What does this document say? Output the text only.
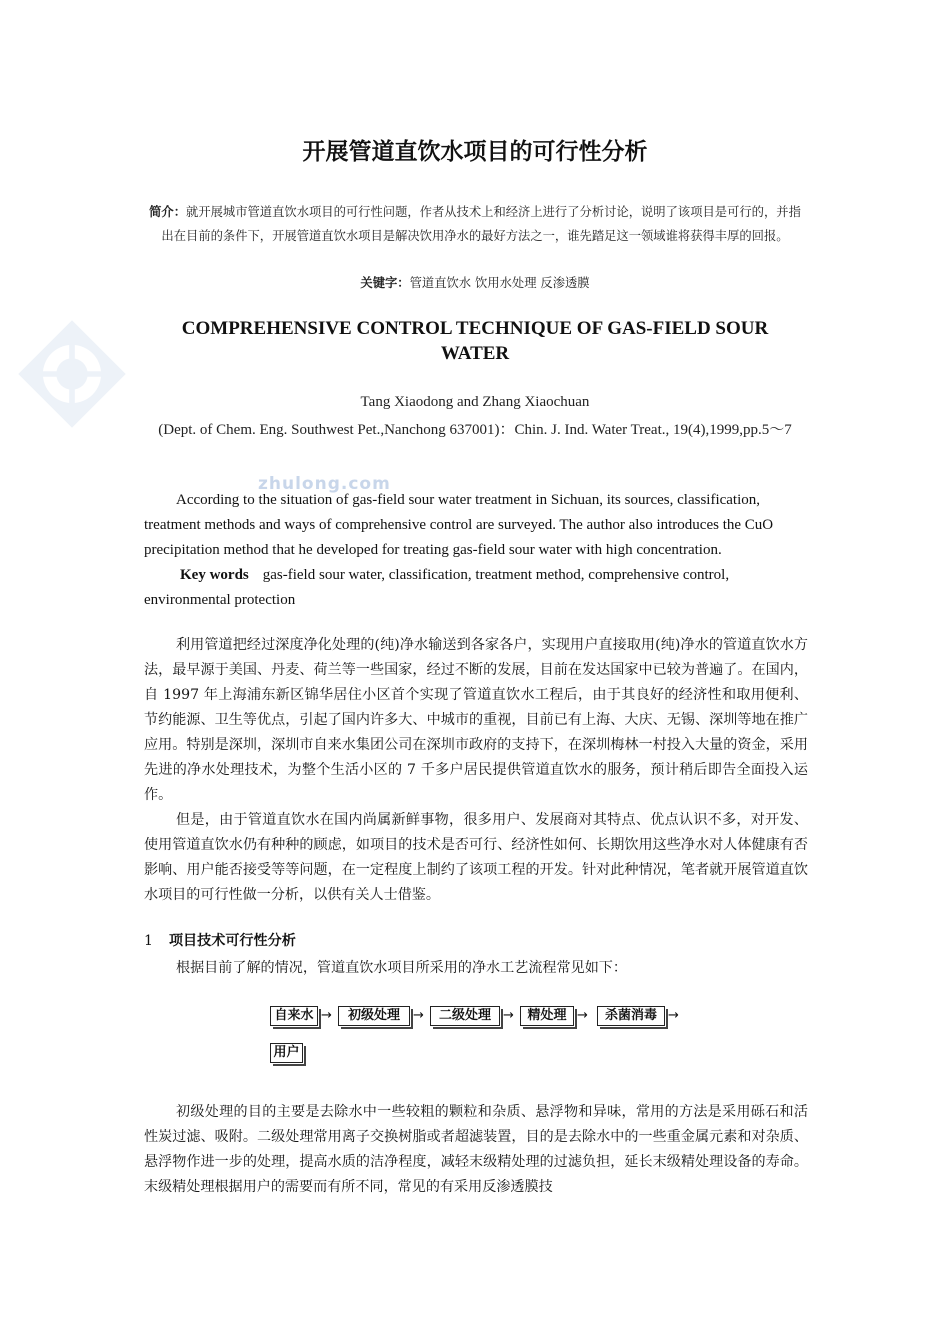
zhulong.com
开展管道直饮水项目的可行性分析
简介：就开展城市管道直饮水项目的可行性问题，作者从技术上和经济上进行了分析讨论，说明了该项目是可行的，并指出在目前的条件下，开展管道直饮水项目是解决饮用净水的最好方法之一，谁先踏足这一领域谁将获得丰厚的回报。
关键字：管道直饮水 饮用水处理 反渗透膜
COMPREHENSIVE CONTROL TECHNIQUE OF GAS-FIELD SOUR WATER
Tang Xiaodong and Zhang Xiaochuan
(Dept. of Chem. Eng. Southwest Pet.,Nanchong 637001)：Chin. J. Ind. Water Treat., 19(4),1999,pp.5～7

According to the situation of gas-field sour water treatment in Sichuan, its sources, classification, treatment methods and ways of comprehensive control are surveyed. The author also introduces the CuO precipitation method that he developed for treating gas-field sour water with high concentration.

Key words gas-field sour water, classification, treatment method, comprehensive control, environmental protection

利用管道把经过深度净化处理的(纯)净水输送到各家各户，实现用户直接取用(纯)净水的管道直饮水方法，最早源于美国、丹麦、荷兰等一些国家，经过不断的发展，目前在发达国家中已较为普遍了。在国内，自 1997 年上海浦东新区锦华居住小区首个实现了管道直饮水工程后，由于其良好的经济性和取用便利、节约能源、卫生等优点，引起了国内许多大、中城市的重视，目前已有上海、大庆、无锡、深圳等地在推广应用。特别是深圳，深圳市自来水集团公司在深圳市政府的支持下，在深圳梅林一村投入大量的资金，采用先进的净水处理技术，为整个生活小区的 7 千多户居民提供管道直饮水的服务，预计稍后即告全面投入运作。

但是，由于管道直饮水在国内尚属新鲜事物，很多用户、发展商对其特点、优点认识不多，对开发、使用管道直饮水仍有种种的顾虑，如项目的技术是否可行、经济性如何、长期饮用这些净水对人体健康有否影响、用户能否接受等等问题，在一定程度上制约了该项工程的开发。针对此种情况，笔者就开展管道直饮水项目的可行性做一分析，以供有关人士借鉴。

1 项目技术可行性分析

根据目前了解的情况，管道直饮水项目所采用的净水工艺流程常见如下：

自来水 →	初级处理	→	二级处理 →	精处理 →	杀菌消毒 →
用户

初级处理的目的主要是去除水中一些较粗的颗粒和杂质、悬浮物和异味，常用的方法是采用砾石和活性炭过滤、吸附。二级处理常用离子交换树脂或者超滤装置，目的是去除水中的一些重金属元素和对杂质、悬浮物作进一步的处理，提高水质的洁净程度，减轻末级精处理的过滤负担，延长末级精处理设备的寿命。末级精处理根据用户的需要而有所不同，常见的有采用反渗透膜技
